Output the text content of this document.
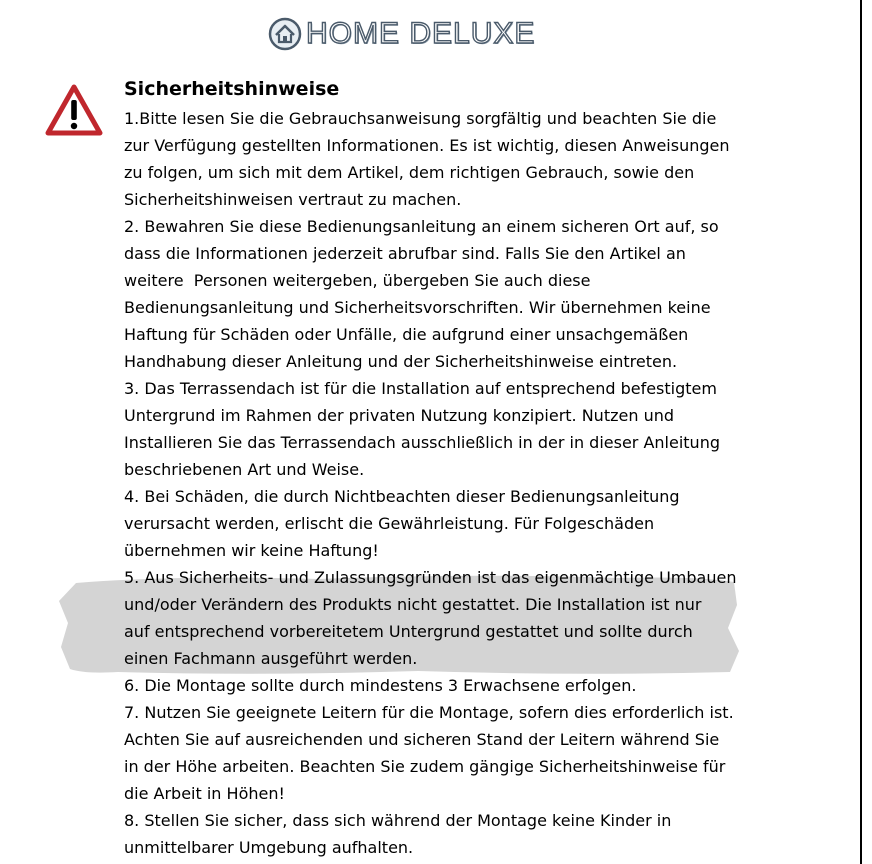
HOME DELUXE
Sicherheitshinweise
1.Bitte lesen Sie die Gebrauchsanweisung sorgfältig und beachten Sie die
zur Verfügung gestellten Informationen. Es ist wichtig, diesen Anweisungen
zu folgen, um sich mit dem Artikel, dem richtigen Gebrauch, sowie den
Sicherheitshinweisen vertraut zu machen.
2. Bewahren Sie diese Bedienungsanleitung an einem sicheren Ort auf, so
dass die Informationen jederzeit abrufbar sind. Falls Sie den Artikel an
weitere  Personen weitergeben, übergeben Sie auch diese
Bedienungsanleitung und Sicherheitsvorschriften. Wir übernehmen keine
Haftung für Schäden oder Unfälle, die aufgrund einer unsachgemäßen
Handhabung dieser Anleitung und der Sicherheitshinweise eintreten.
3. Das Terrassendach ist für die Installation auf entsprechend befestigtem
Untergrund im Rahmen der privaten Nutzung konzipiert. Nutzen und
Installieren Sie das Terrassendach ausschließlich in der in dieser Anleitung
beschriebenen Art und Weise.
4. Bei Schäden, die durch Nichtbeachten dieser Bedienungsanleitung
verursacht werden, erlischt die Gewährleistung. Für Folgeschäden
übernehmen wir keine Haftung!
5. Aus Sicherheits- und Zulassungsgründen ist das eigenmächtige Umbauen
und/oder Verändern des Produkts nicht gestattet. Die Installation ist nur
auf entsprechend vorbereitetem Untergrund gestattet und sollte durch
einen Fachmann ausgeführt werden.
6. Die Montage sollte durch mindestens 3 Erwachsene erfolgen.
7. Nutzen Sie geeignete Leitern für die Montage, sofern dies erforderlich ist.
Achten Sie auf ausreichenden und sicheren Stand der Leitern während Sie
in der Höhe arbeiten. Beachten Sie zudem gängige Sicherheitshinweise für
die Arbeit in Höhen!
8. Stellen Sie sicher, dass sich während der Montage keine Kinder in
unmittelbarer Umgebung aufhalten.
